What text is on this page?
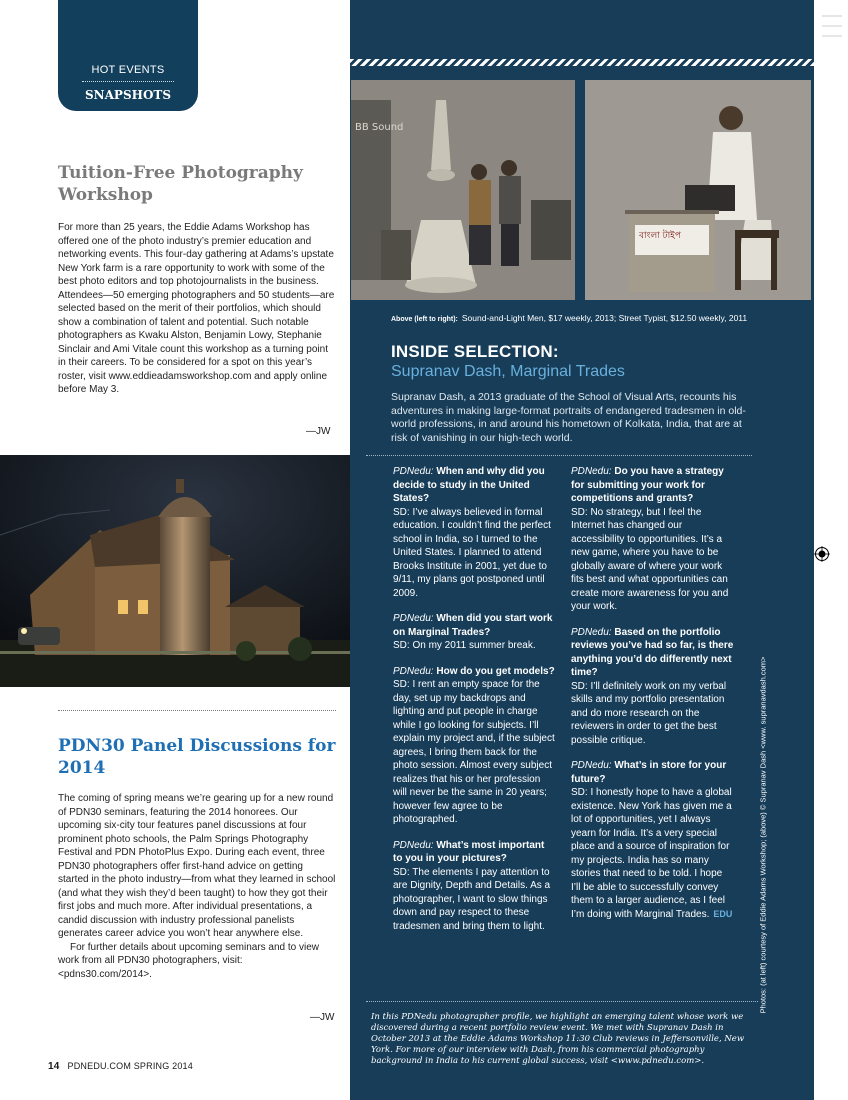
HOT EVENTS
SNAPSHOTS
Tuition-Free Photography Workshop
For more than 25 years, the Eddie Adams Workshop has offered one of the photo industry’s premier education and networking events. This four-day gathering at Adams’s upstate New York farm is a rare opportunity to work with some of the best photo editors and top photojournalists in the business. Attendees—50 emerging photographers and 50 students—are selected based on the merit of their portfolios, which should show a combination of talent and potential. Such notable photographers as Kwaku Alston, Benjamin Lowy, Stephanie Sinclair and Ami Vitale count this workshop as a turning point in their careers. To be considered for a spot on this year’s roster, visit www.eddieadamsworkshop.com and apply online before May 3.
—JW
PDN30 Panel Discussions for 2014
The coming of spring means we’re gearing up for a new round of PDN30 seminars, featuring the 2014 honorees. Our upcoming six-city tour features panel discussions at four prominent photo schools, the Palm Springs Photography Festival and PDN PhotoPlus Expo. During each event, three PDN30 photographers offer first-hand advice on getting started in the photo industry—from what they learned in school (and what they wish they’d been taught) to how they got their first jobs and much more. After individual presentations, a candid discussion with industry professional panelists generates career advice you won’t hear anywhere else.
For further details about upcoming seminars and to view work from all PDN30 photographers, visit: <pdns30.com/2014>.
—JW
14 PDNEDU.COM SPRING 2014
BB Sound
বাংলা টাইপ
Above (left to right): Sound-and-Light Men, $17 weekly, 2013; Street Typist, $12.50 weekly, 2011
INSIDE SELECTION:
Supranav Dash, Marginal Trades
Supranav Dash, a 2013 graduate of the School of Visual Arts, recounts his adventures in making large-format portraits of endangered tradesmen in old-world professions, in and around his hometown of Kolkata, India, that are at risk of vanishing in our high-tech world.
PDNedu: When and why did you decide to study in the United States?
SD: I’ve always believed in formal education. I couldn’t find the perfect school in India, so I turned to the United States. I planned to attend Brooks Institute in 2001, yet due to 9/11, my plans got postponed until 2009.
PDNedu: When did you start work on Marginal Trades?
SD: On my 2011 summer break.
PDNedu: How do you get models?
SD: I rent an empty space for the day, set up my backdrops and lighting and put people in charge while I go looking for subjects. I’ll explain my project and, if the subject agrees, I bring them back for the photo session. Almost every subject realizes that his or her profession will never be the same in 20 years; however few agree to be photographed.
PDNedu: What’s most important to you in your pictures?
SD: The elements I pay attention to are Dignity, Depth and Details. As a photographer, I want to slow things down and pay respect to these tradesmen and bring them to light.
PDNedu: Do you have a strategy for submitting your work for competitions and grants?
SD: No strategy, but I feel the Internet has changed our accessibility to opportunities. It’s a new game, where you have to be globally aware of where your work fits best and what opportunities can create more awareness for you and your work.
PDNedu: Based on the portfolio reviews you’ve had so far, is there anything you’d do differently next time?
SD: I’ll definitely work on my verbal skills and my portfolio presentation and do more research on the reviewers in order to get the best possible critique.
PDNedu: What’s in store for your future?
SD: I honestly hope to have a global existence. New York has given me a lot of opportunities, yet I always yearn for India. It’s a very special place and a source of inspiration for my projects. India has so many stories that need to be told. I hope I’ll be able to successfully convey them to a larger audience, as I feel I’m doing with Marginal Trades. EDU	Photos: (at left) courtesy of Eddie Adams Workshop; (above) © Supranav Dash <www. supranavdash.com>
In this PDNedu photographer profile, we highlight an emerging talent whose work we discovered during a recent portfolio review event. We met with Supranav Dash in October 2013 at the Eddie Adams Workshop 11:30 Club reviews in Jeffersonville, New York. For more of our interview with Dash, from his commercial photography background in India to his current global success, visit <www.pdnedu.com>.
